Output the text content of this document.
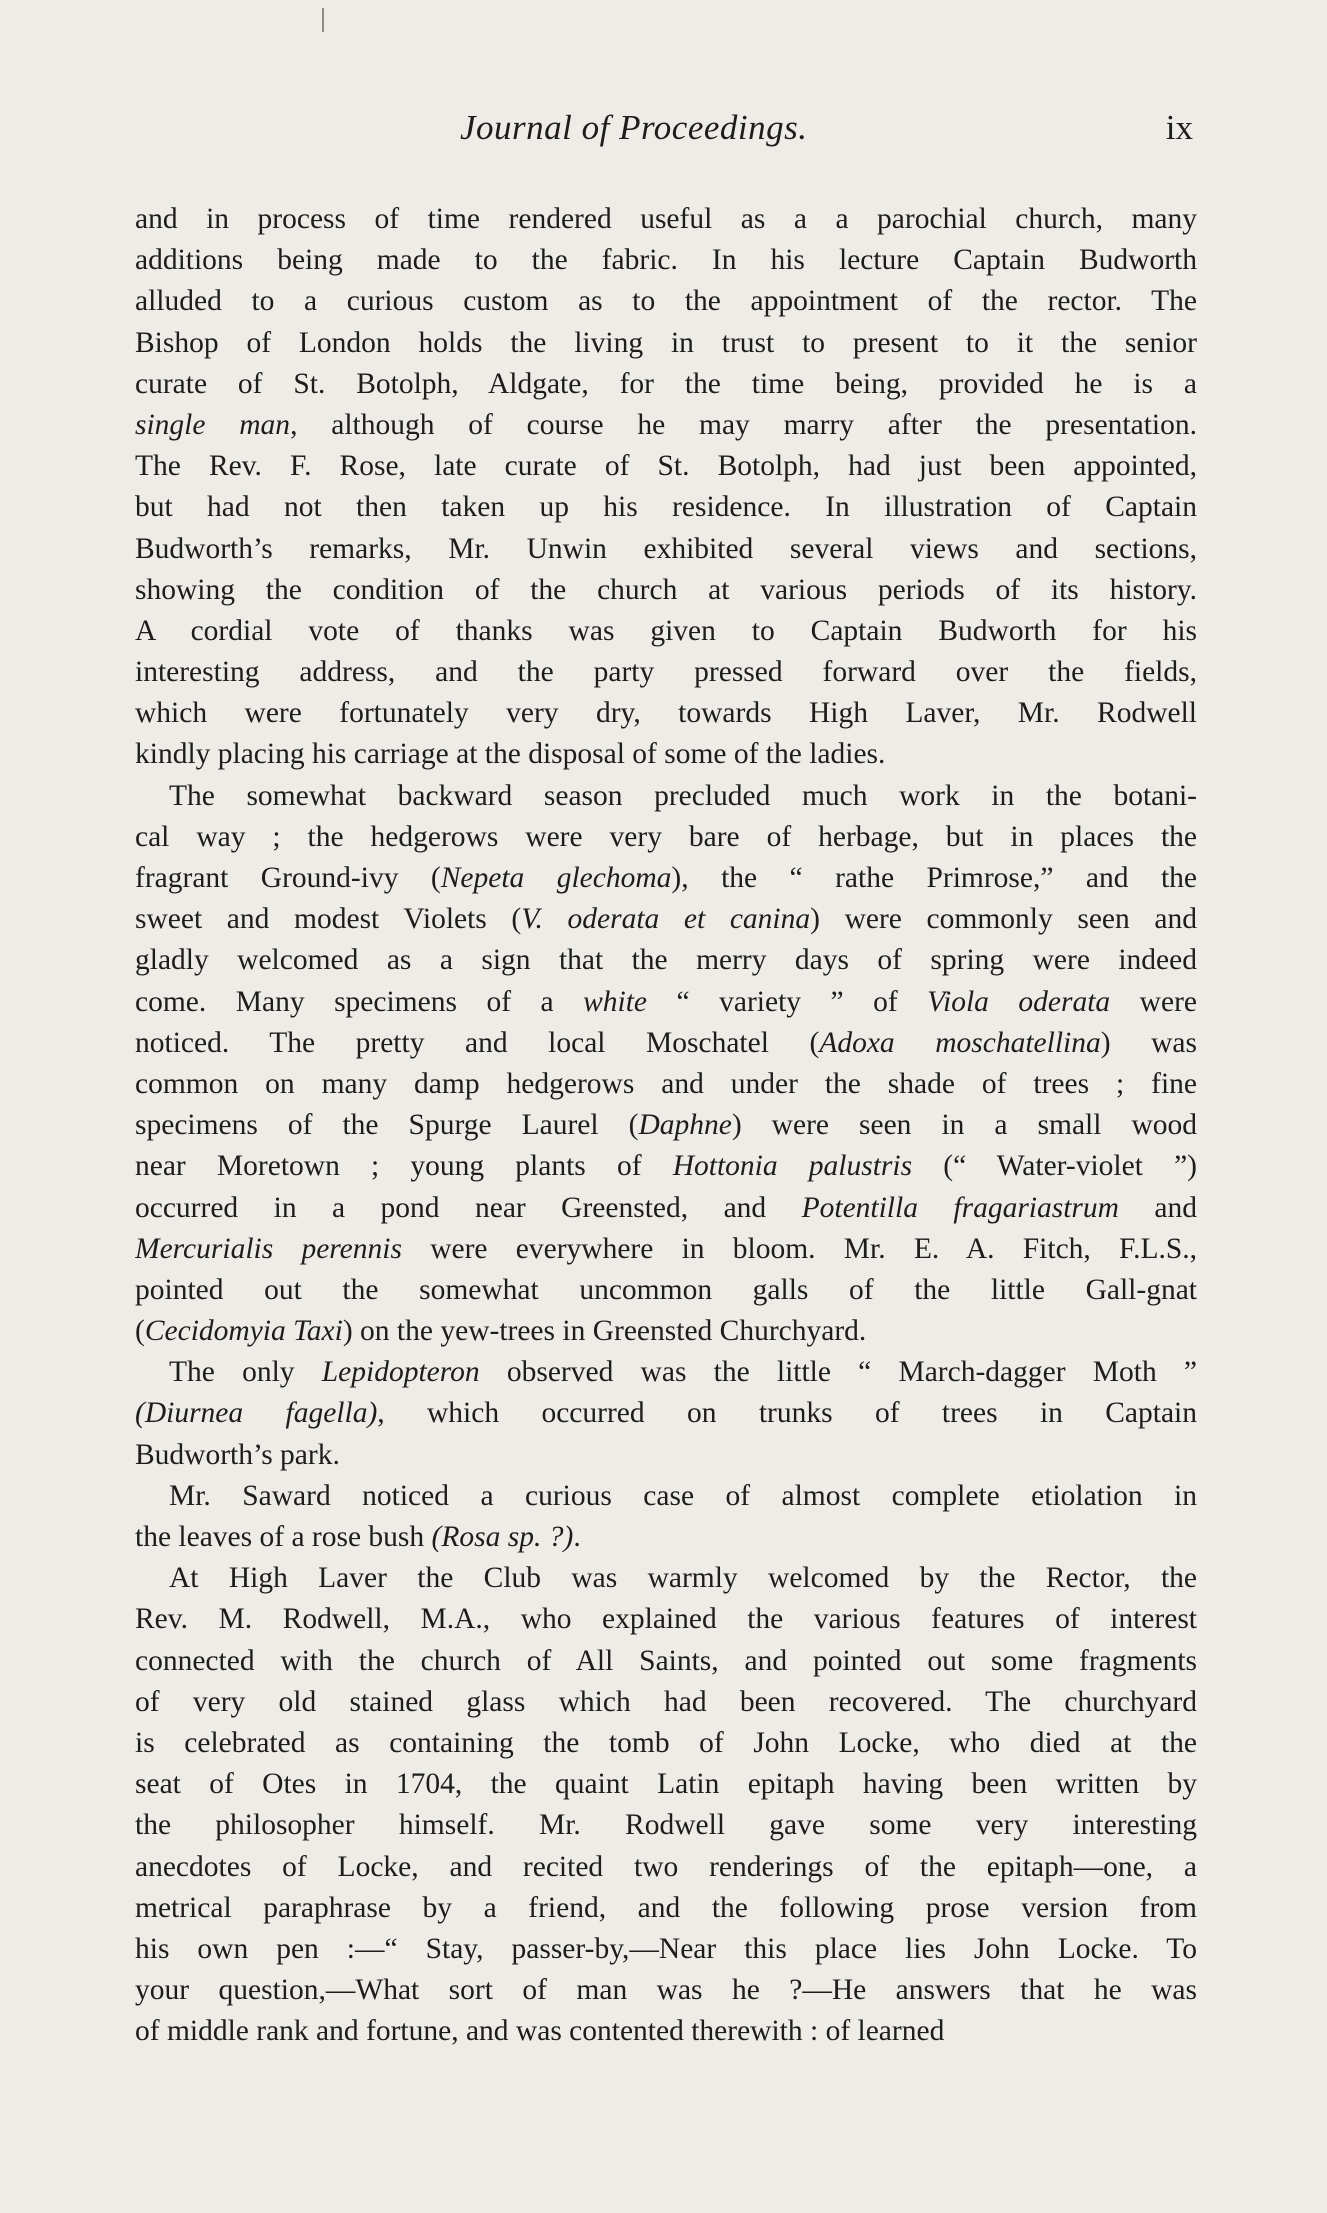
Journal of Proceedings.	ix
and in process of time rendered useful as a a parochial church, many
additions being made to the fabric. In his lecture Captain Budworth
alluded to a curious custom as to the appointment of the rector. The
Bishop of London holds the living in trust to present to it the senior
curate of St. Botolph, Aldgate, for the time being, provided he is a
single man, although of course he may marry after the presentation.
The Rev. F. Rose, late curate of St. Botolph, had just been appointed,
but had not then taken up his residence. In illustration of Captain
Budworth’s remarks, Mr. Unwin exhibited several views and sections,
showing the condition of the church at various periods of its history.
A cordial vote of thanks was given to Captain Budworth for his
interesting address, and the party pressed forward over the fields,
which were fortunately very dry, towards High Laver, Mr. Rodwell
kindly placing his carriage at the disposal of some of the ladies.
The somewhat backward season precluded much work in the botani-
cal way ; the hedgerows were very bare of herbage, but in places the
fragrant Ground-ivy (Nepeta glechoma), the “ rathe Primrose,” and the
sweet and modest Violets (V. oderata et canina) were commonly seen and
gladly welcomed as a sign that the merry days of spring were indeed
come. Many specimens of a white “ variety ” of Viola oderata were
noticed. The pretty and local Moschatel (Adoxa moschatellina) was
common on many damp hedgerows and under the shade of trees ; fine
specimens of the Spurge Laurel (Daphne) were seen in a small wood
near Moretown ; young plants of Hottonia palustris (“ Water-violet ”)
occurred in a pond near Greensted, and Potentilla fragariastrum and
Mercurialis perennis were everywhere in bloom. Mr. E. A. Fitch, F.L.S.,
pointed out the somewhat uncommon galls of the little Gall-gnat
(Cecidomyia Taxi) on the yew-trees in Greensted Churchyard.
The only Lepidopteron observed was the little “ March-dagger Moth ”
(Diurnea fagella), which occurred on trunks of trees in Captain
Budworth’s park.
Mr. Saward noticed a curious case of almost complete etiolation in
the leaves of a rose bush (Rosa sp. ?).
At High Laver the Club was warmly welcomed by the Rector, the
Rev. M. Rodwell, M.A., who explained the various features of interest
connected with the church of All Saints, and pointed out some fragments
of very old stained glass which had been recovered. The churchyard
is celebrated as containing the tomb of John Locke, who died at the
seat of Otes in 1704, the quaint Latin epitaph having been written by
the philosopher himself. Mr. Rodwell gave some very interesting
anecdotes of Locke, and recited two renderings of the epitaph—one, a
metrical paraphrase by a friend, and the following prose version from
his own pen :—“ Stay, passer-by,—Near this place lies John Locke. To
your question,—What sort of man was he ?—He answers that he was
of middle rank and fortune, and was contented therewith : of learned
